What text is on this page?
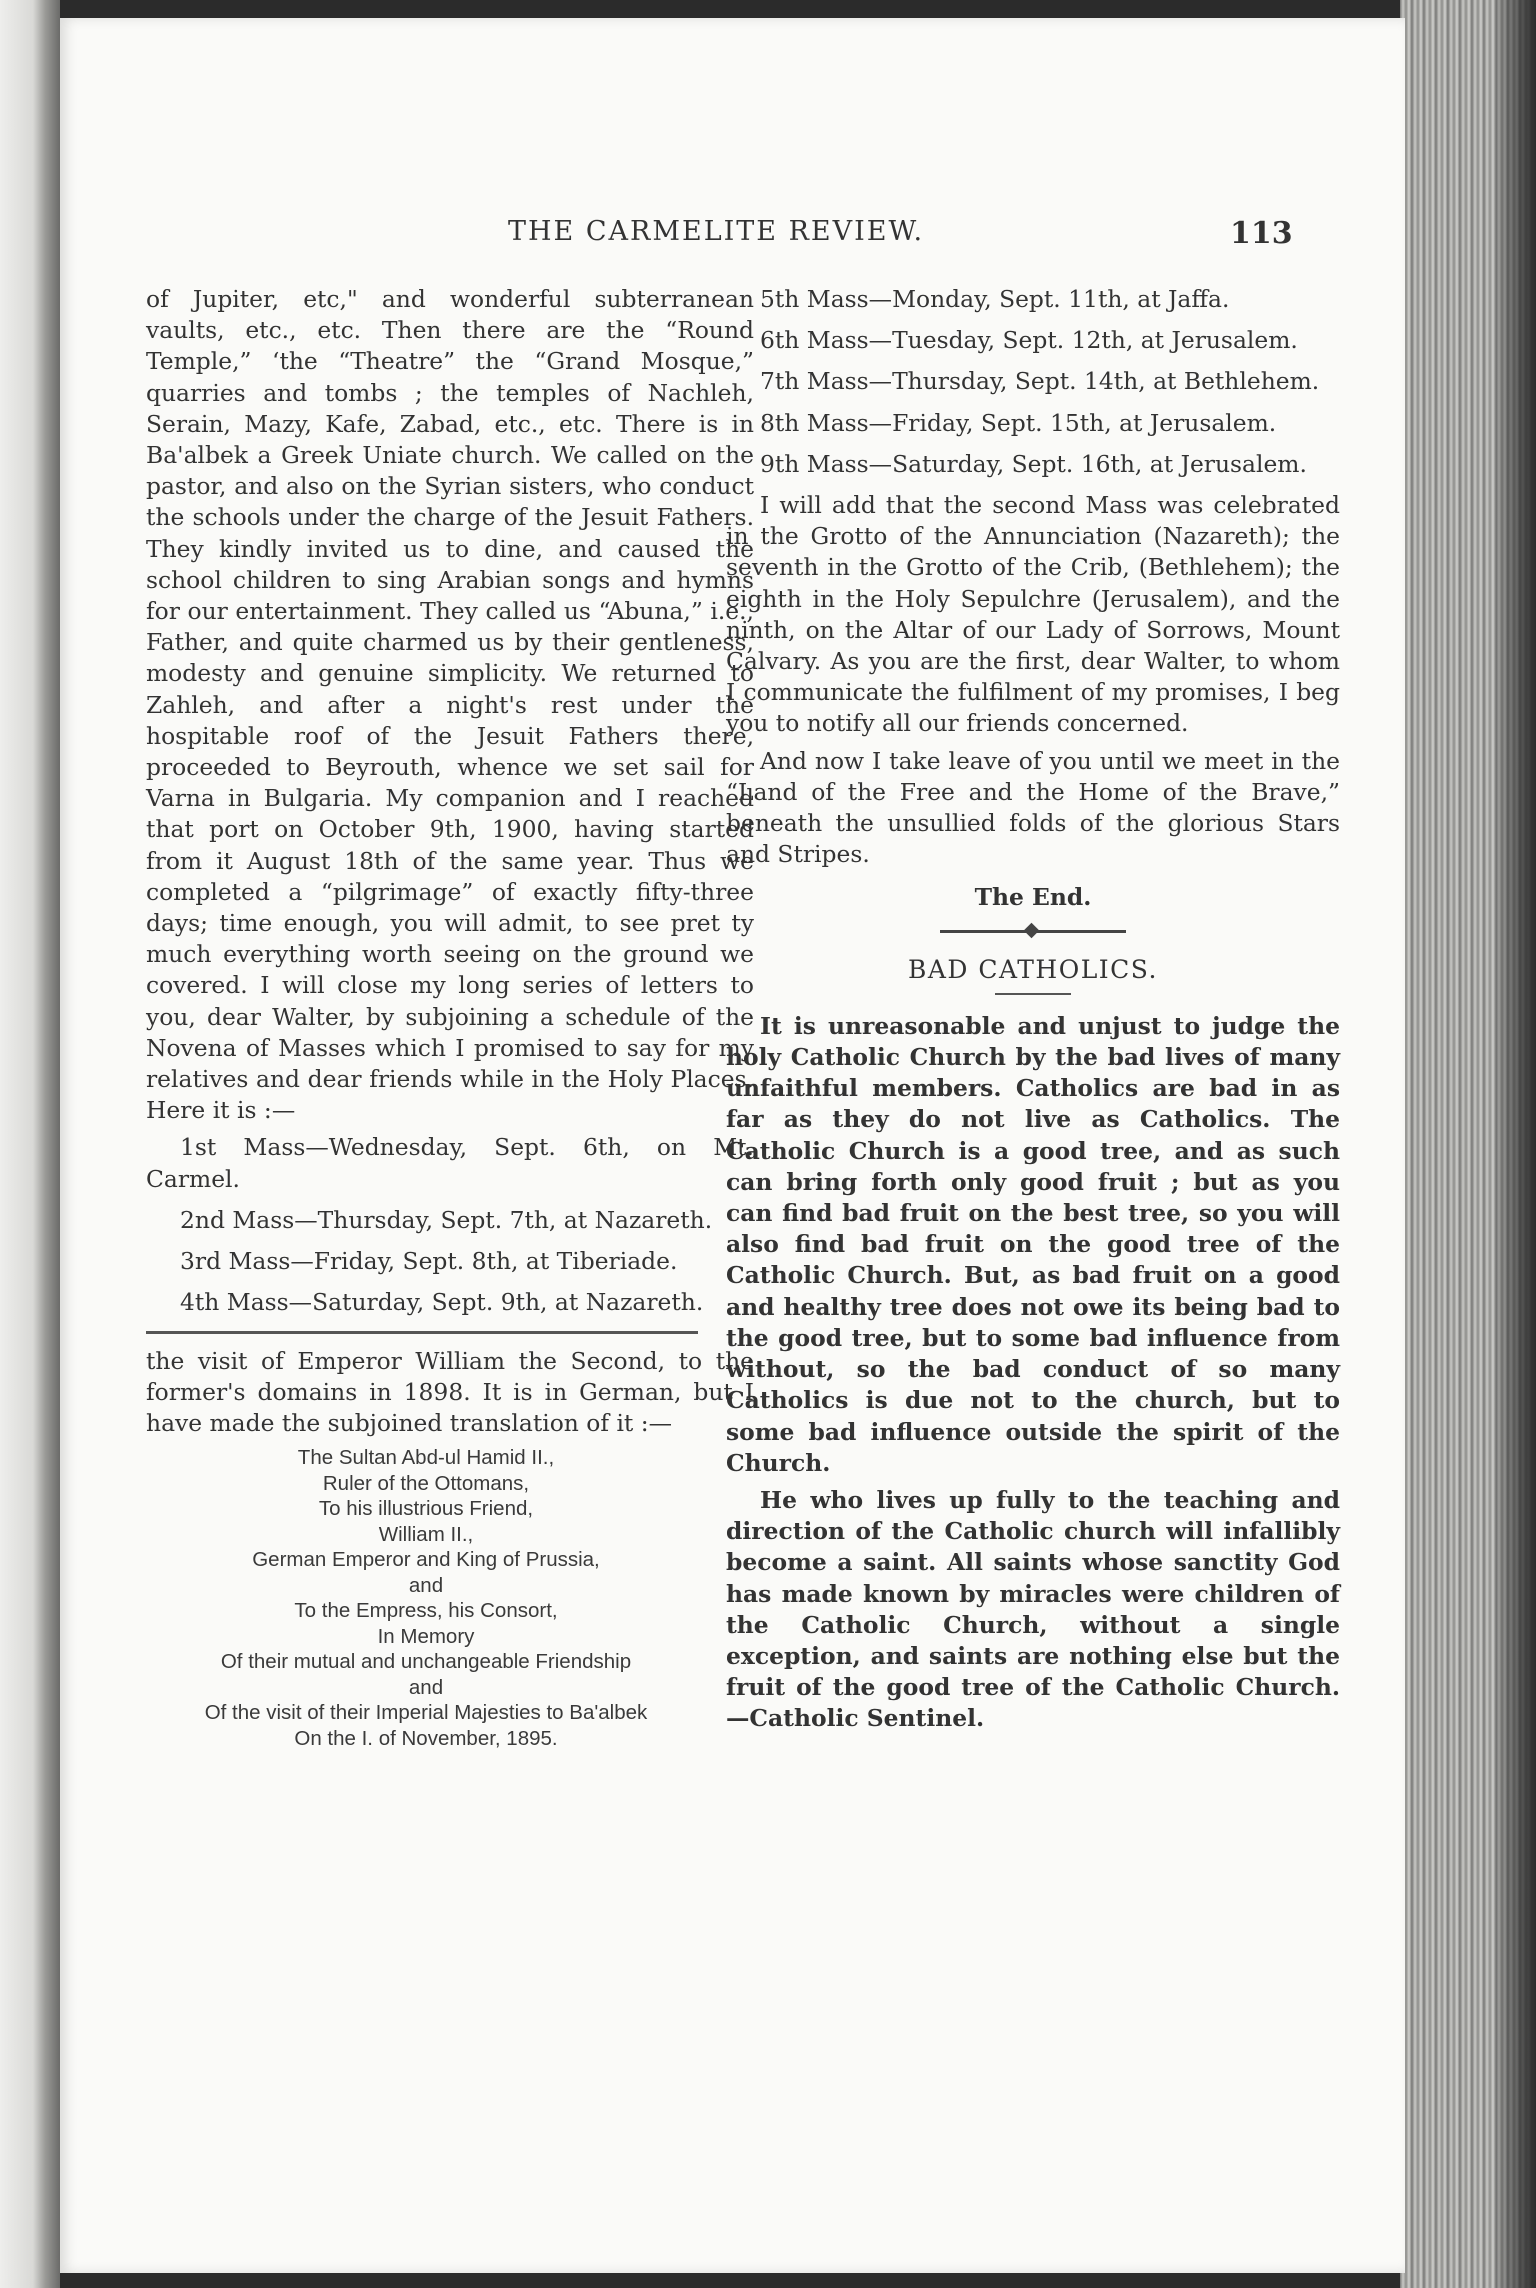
THE CARMELITE REVIEW.	113

of Jupiter, etc," and wonderful subterranean vaults, etc., etc. Then there are the “Round Temple,” ‘the “Theatre” the “Grand Mosque,” quarries and tombs ; the temples of Nachleh, Serain, Mazy, Kafe, Zabad, etc., etc. There is in Ba'albek a Greek Uniate church. We called on the pastor, and also on the Syrian sisters, who conduct the schools under the charge of the Jesuit Fathers. They kindly invited us to dine, and caused the school children to sing Arabian songs and hymns for our entertainment. They called us “Abuna,” i.e., Father, and quite charmed us by their gentleness, modesty and genuine simplicity. We returned to Zahleh, and after a night's rest under the hospitable roof of the Jesuit Fathers there, proceeded to Beyrouth, whence we set sail for Varna in Bulgaria. My companion and I reached that port on October 9th, 1900, having started from it August 18th of the same year. Thus we completed a “pilgrimage” of exactly fifty-three days; time enough, you will admit, to see pret ty much everything worth seeing on the ground we covered. I will close my long series of letters to you, dear Walter, by subjoining a schedule of the Novena of Masses which I promised to say for my relatives and dear friends while in the Holy Places. Here it is :—

1st Mass—Wednesday, Sept. 6th, on Mt. Carmel.

2nd Mass—Thursday, Sept. 7th, at Nazareth.

3rd Mass—Friday, Sept. 8th, at Tiberiade.

4th Mass—Saturday, Sept. 9th, at Nazareth.

the visit of Emperor William the Second, to the former's domains in 1898. It is in German, but I have made the subjoined translation of it :—

The Sultan Abd-ul Hamid II.,
Ruler of the Ottomans,
To his illustrious Friend,
William II.,
German Emperor and King of Prussia,
and
To the Empress, his Consort,
In Memory
Of their mutual and unchangeable Friendship
and
Of the visit of their Imperial Majesties to Ba'albek
On the I. of November, 1895.

5th Mass—Monday, Sept. 11th, at Jaffa.

6th Mass—Tuesday, Sept. 12th, at Jerusalem.

7th Mass—Thursday, Sept. 14th, at Bethlehem.

8th Mass—Friday, Sept. 15th, at Jerusalem.

9th Mass—Saturday, Sept. 16th, at Jerusalem.

I will add that the second Mass was celebrated in the Grotto of the Annunciation (Nazareth); the seventh in the Grotto of the Crib, (Bethlehem); the eighth in the Holy Sepulchre (Jerusalem), and the ninth, on the Altar of our Lady of Sorrows, Mount Calvary. As you are the first, dear Walter, to whom I communicate the fulfilment of my promises, I beg you to notify all our friends concerned.

And now I take leave of you until we meet in the “Land of the Free and the Home of the Brave,” beneath the unsullied folds of the glorious Stars and Stripes.

The End.
BAD CATHOLICS.

It is unreasonable and unjust to judge the holy Catholic Church by the bad lives of many unfaithful members. Catholics are bad in as far as they do not live as Catholics. The Catholic Church is a good tree, and as such can bring forth only good fruit ; but as you can find bad fruit on the best tree, so you will also find bad fruit on the good tree of the Catholic Church. But, as bad fruit on a good and healthy tree does not owe its being bad to the good tree, but to some bad influence from without, so the bad conduct of so many Catholics is due not to the church, but to some bad influence outside the spirit of the Church.

He who lives up fully to the teaching and direction of the Catholic church will infallibly become a saint. All saints whose sanctity God has made known by miracles were children of the Catholic Church, without a single exception, and saints are nothing else but the fruit of the good tree of the Catholic Church.—Catholic Sentinel.
